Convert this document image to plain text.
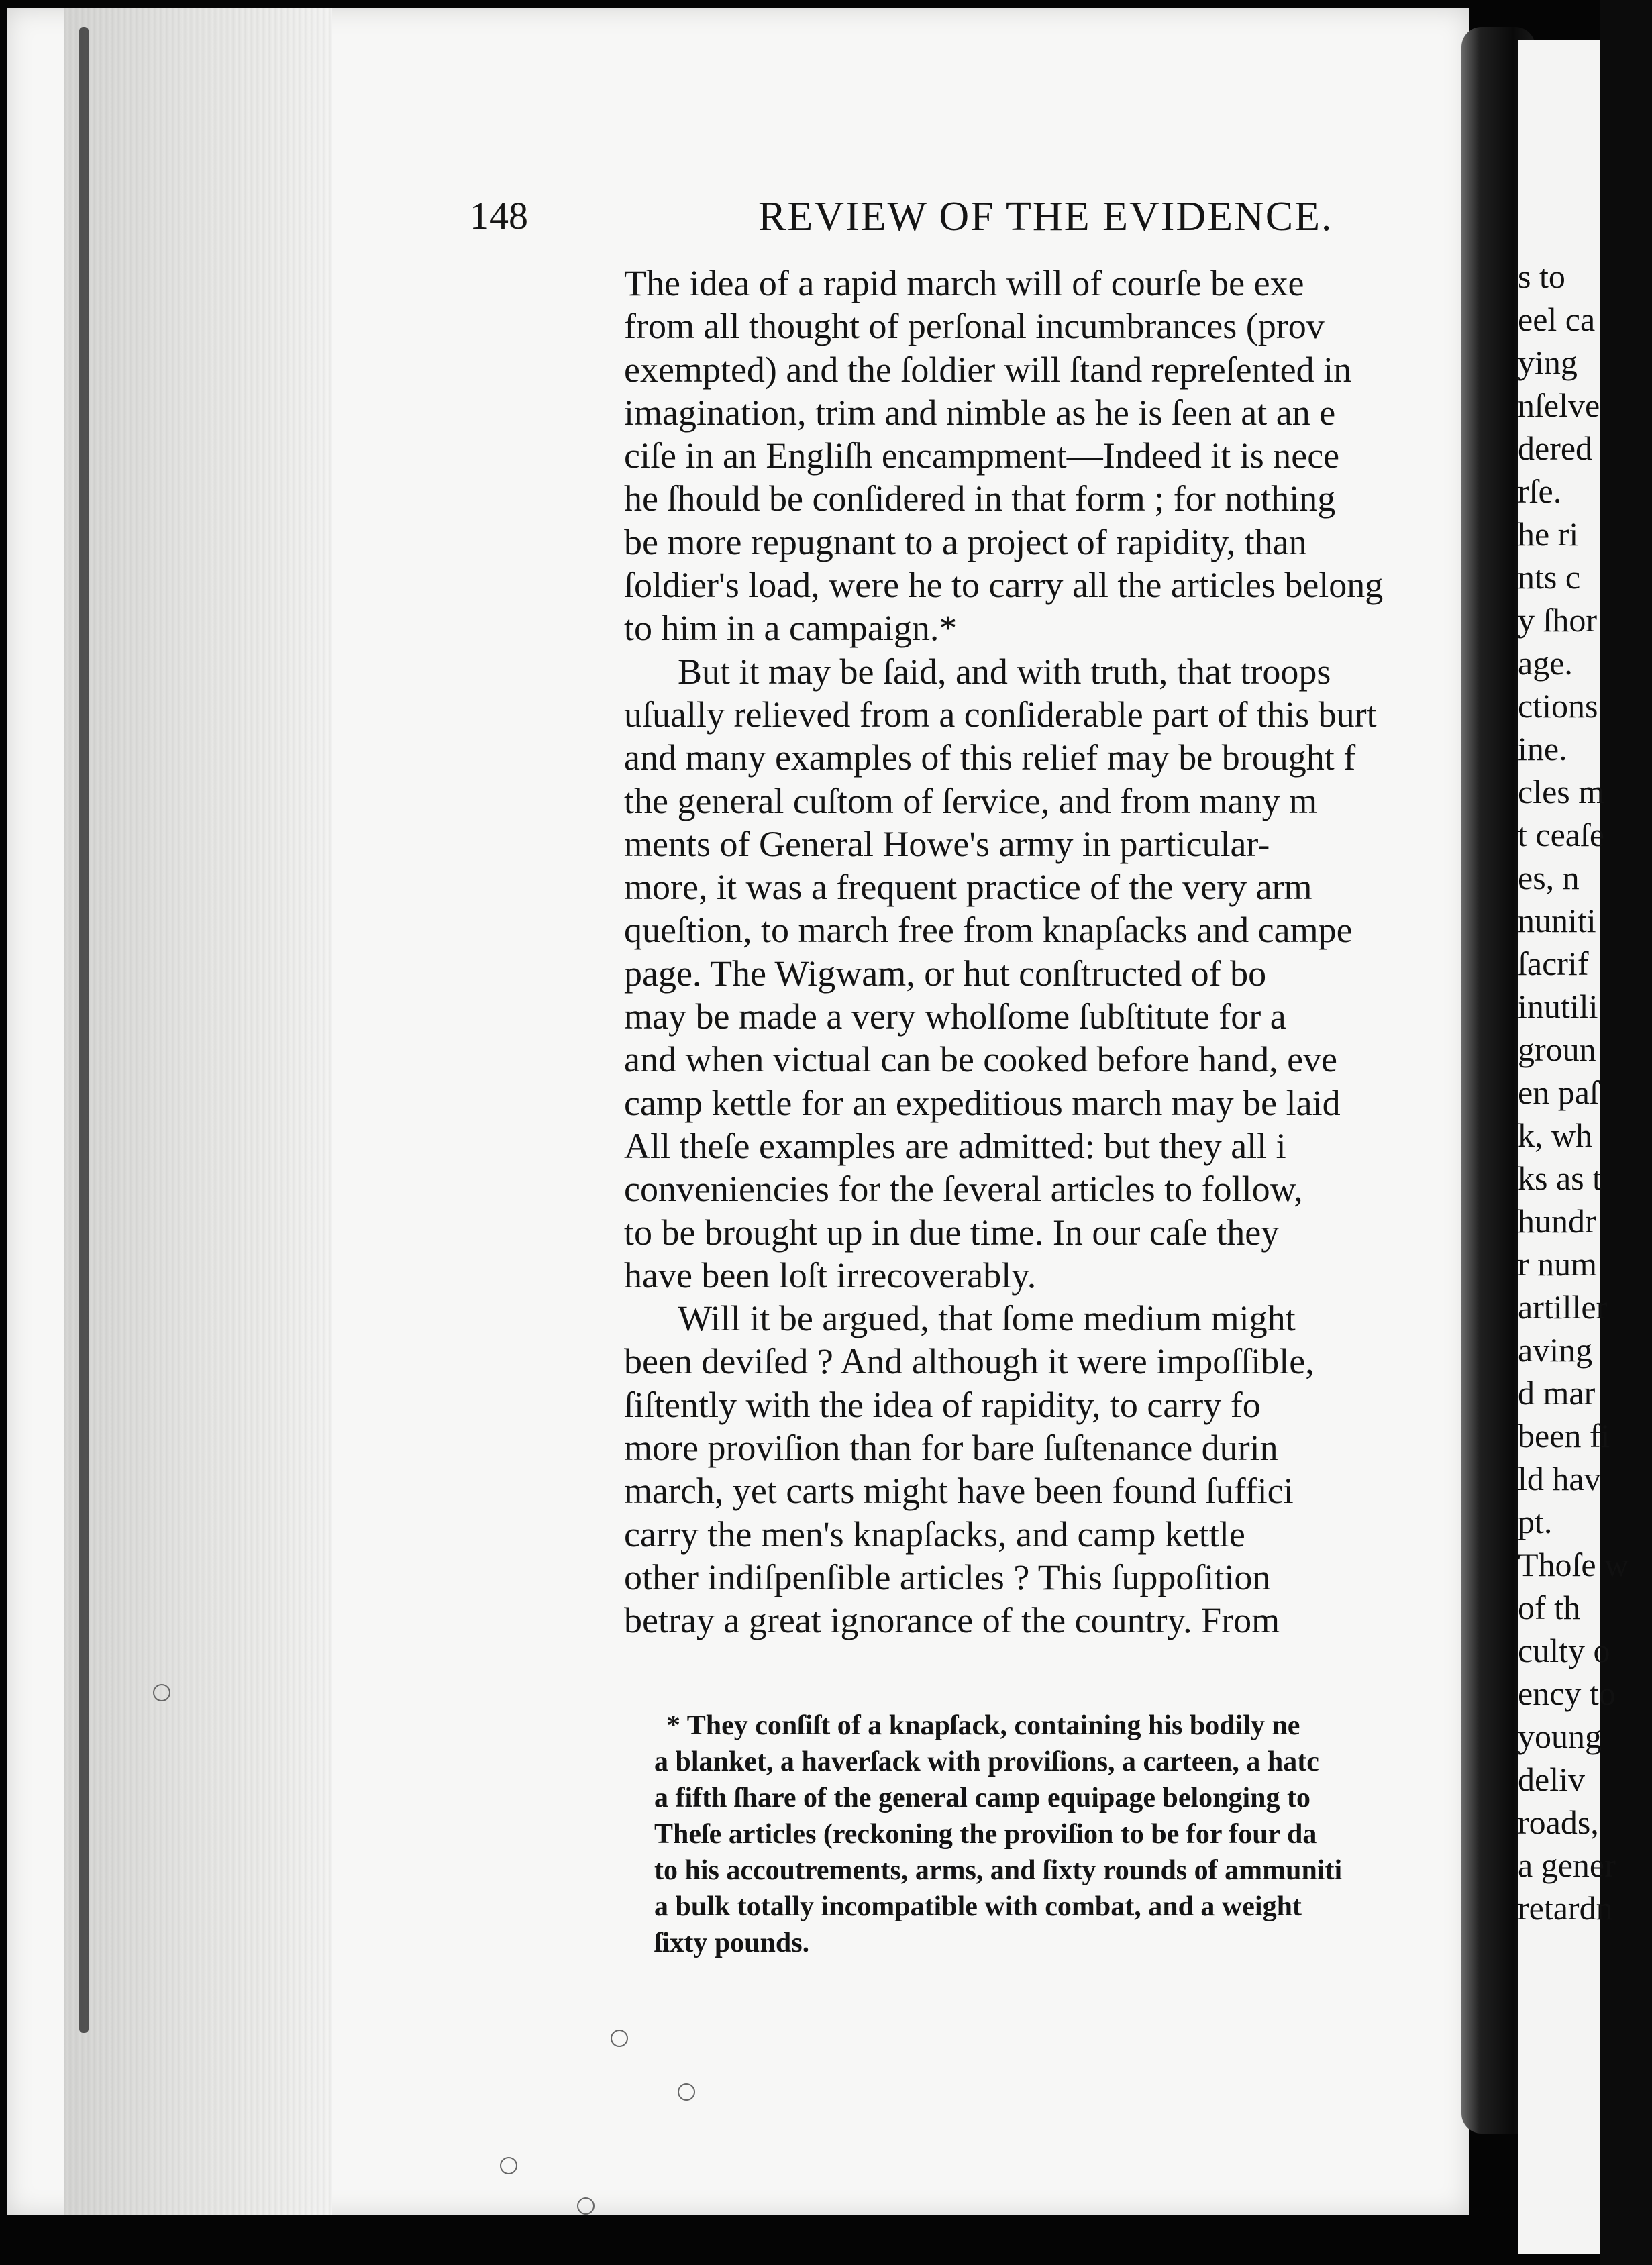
148	REVIEW OF THE EVIDENCE.
The idea of a rapid march will of courſe be exe
from all thought of perſonal incumbrances (prov
exempted) and the ſoldier will ſtand repreſented in
imagination, trim and nimble as he is ſeen at an e
ciſe in an Engliſh encampment—Indeed it is nece
he ſhould be conſidered in that form ; for nothing
be more repugnant to a project of rapidity, than
ſoldier's load, were he to carry all the articles belong
to him in a campaign.*
But it may be ſaid, and with truth, that troops
uſually relieved from a conſiderable part of this burt
and many examples of this relief may be brought f
the general cuſtom of ſervice, and from many m
ments of General Howe's army in particular-
more, it was a frequent practice of the very arm
queſtion, to march free from knapſacks and campe
page. The Wigwam, or hut conſtructed of bo
may be made a very wholſome ſubſtitute for a
and when victual can be cooked before hand, eve
camp kettle for an expeditious march may be laid
All theſe examples are admitted: but they all i
conveniencies for the ſeveral articles to follow,
to be brought up in due time. In our caſe they
have been loſt irrecoverably.
Will it be argued, that ſome medium might
been deviſed ? And although it were impoſſible,
ſiſtently with the idea of rapidity, to carry fo
more proviſion than for bare ſuſtenance durin
march, yet carts might have been found ſuffici
carry the men's knapſacks, and camp kettle
other indiſpenſible articles ? This ſuppoſition
betray a great ignorance of the country. From
* They conſiſt of a knapſack, containing his bodily ne
a blanket, a haverſack with proviſions, a carteen, a hatc
a fifth ſhare of the general camp equipage belonging to
Theſe articles (reckoning the proviſion to be for four da
to his accoutrements, arms, and ſixty rounds of ammuniti
a bulk totally incompatible with combat, and a weight
ſixty pounds.
s to
eel ca
ying
nſelve
dered
rſe.
he ri
nts c
y ſhor
age.
ctions
ine.
cles m
t ceaſe
es, n
nuniti
ſacrif
inutili
groun
en paſ
k, wh
ks as t
hundr
r num
artiller
aving
d mar
been fi
ld hav
pt.
Thoſe w
of th
culty o
ency to
young
deliv
roads,
a gener
retardn
